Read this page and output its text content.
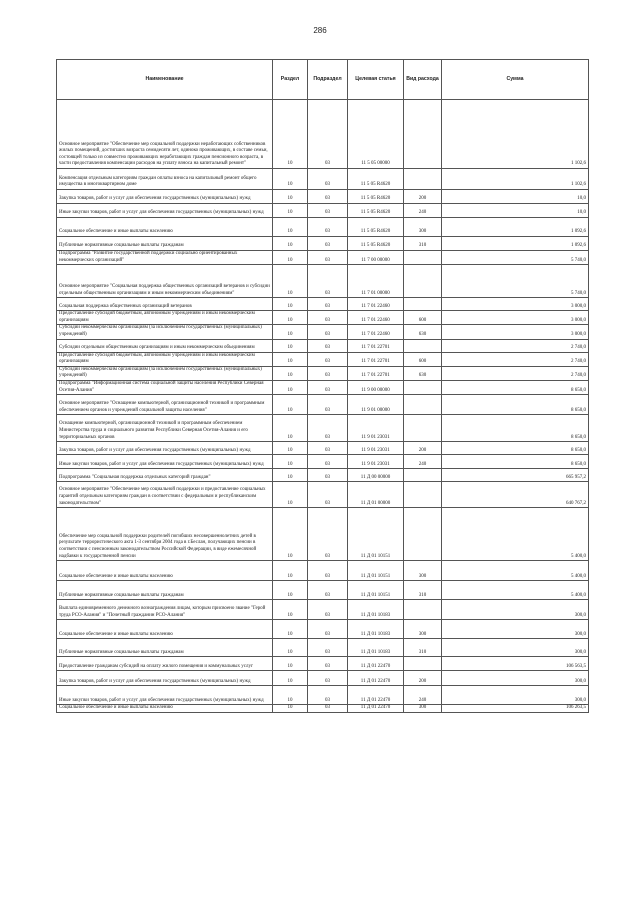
286
Наименование	Раздел	Подраздел	Целевая статья	Вид расхода	Сумма
Основное мероприятие "Обеспечение мер социальной поддержки неработающих собственников жилых помещений, достигших возраста семидесяти лет, одиноко проживающих, в составе семьи, состоящей только из совместно проживающих неработающих граждан пенсионного возраста, в части предоставления компенсации расходов на уплату взноса на капитальный ремонт"	10	03	11 5 05 00000		1 102,6
Компенсация отдельным категориям граждан оплаты взноса на капитальный ремонт общего имущества в многоквартирном доме	10	03	11 5 05 R4620		1 102,6
Закупка товаров, работ и услуг для обеспечения государственных (муниципальных) нужд	10	03	11 5 05 R4620	200	10,0
Иные закупки товаров, работ и услуг для обеспечения государственных (муниципальных) нужд	10	03	11 5 05 R4620	240	10,0
Социальное обеспечение и иные выплаты населению	10	03	11 5 05 R4620	300	1 092,6
Публичные нормативные социальные выплаты гражданам	10	03	11 5 05 R4620	310	1 092,6
Подпрограмма "Развитие государственной поддержки социально ориентированных некоммерческих организаций"	10	03	11 7 00 00000		5 740,0
Основное мероприятие "Социальная поддержка общественных организаций ветеранов и субсидии отдельным общественным организациям и иным некоммерческим объединениям"	10	03	11 7 01 00000		5 740,0
Социальная поддержка общественных организаций ветеранов	10	03	11 7 01 22460		3 000,0
Предоставление субсидий бюджетным, автономным учреждениям и иным некоммерческим организациям	10	03	11 7 01 22460	600	3 000,0
Субсидии некоммерческим организациям (за исключением государственных (муниципальных) учреждений)	10	03	11 7 01 22460	630	3 000,0
Субсидии отдельным общественным организациям и иным некоммерческим объединениям	10	03	11 7 01 22701		2 740,0
Предоставление субсидий бюджетным, автономным учреждениям и иным некоммерческим организациям	10	03	11 7 01 22701	600	2 740,0
Субсидии некоммерческим организациям (за исключением государственных (муниципальных) учреждений)	10	03	11 7 01 22701	630	2 740,0
Подпрограмма "Информационная система социальной защиты населения Республики Северная Осетия-Алания"	10	03	11 9 00 00000		8 650,0
Основное мероприятие "Оснащение компьютерной, организационной техникой и программным обеспечением органов и учреждений социальной защиты населения"	10	03	11 9 01 00000		8 650,0
Оснащение компьютерной, организационной техникой и программным обеспечением Министерства труда и социального развития Республики Северная Осетия-Алания и его территориальных органов	10	03	11 9 01 23031		8 650,0
Закупка товаров, работ и услуг для обеспечения государственных (муниципальных) нужд	10	03	11 9 01 23031	200	8 650,0
Иные закупки товаров, работ и услуг для обеспечения государственных (муниципальных) нужд	10	03	11 9 01 23031	240	8 650,0
Подпрограмма "Социальная поддержка отдельных категорий граждан"	10	03	11 Д 00 00000		665 957,2
Основное мероприятие "Обеспечение мер социальной поддержки и предоставление социальных гарантий отдельным категориям граждан в соответствии с федеральным и республиканским законодательством"	10	03	11 Д 01 00000		640 767,2
Обеспечение мер социальной поддержки родителей погибших несовершеннолетних детей в результате террористического акта 1-3 сентября 2004 года в г.Беслан, получающих пенсии в соответствии с пенсионным законодательством Российской Федерации, в виде ежемесячной надбавки к государственной пенсии	10	03	11 Д 01 10151		5 400,0
Социальное обеспечение и иные выплаты населению	10	03	11 Д 01 10151	300	5 400,0
Публичные нормативные социальные выплаты гражданам	10	03	11 Д 01 10151	310	5 400,0
Выплата единовременного денежного вознаграждения лицам, которым присвоено звание "Герой труда РСО-Алания" и "Почетный гражданин РСО-Алания"	10	03	11 Д 01 10183		300,0
Социальное обеспечение и иные выплаты населению	10	03	11 Д 01 10183	300	300,0
Публичные нормативные социальные выплаты гражданам	10	03	11 Д 01 10183	310	300,0
Предоставление гражданам субсидий на оплату жилого помещения и коммунальных услуг	10	03	11 Д 01 22470		106 563,5
Закупка товаров, работ и услуг для обеспечения государственных (муниципальных) нужд	10	03	11 Д 01 22470	200	300,0
Иные закупки товаров, работ и услуг для обеспечения государственных (муниципальных) нужд	10	03	11 Д 01 22470	240	300,0
Социальное обеспечение и иные выплаты населению	10	03	11 Д 01 22470	300	106 263,5
